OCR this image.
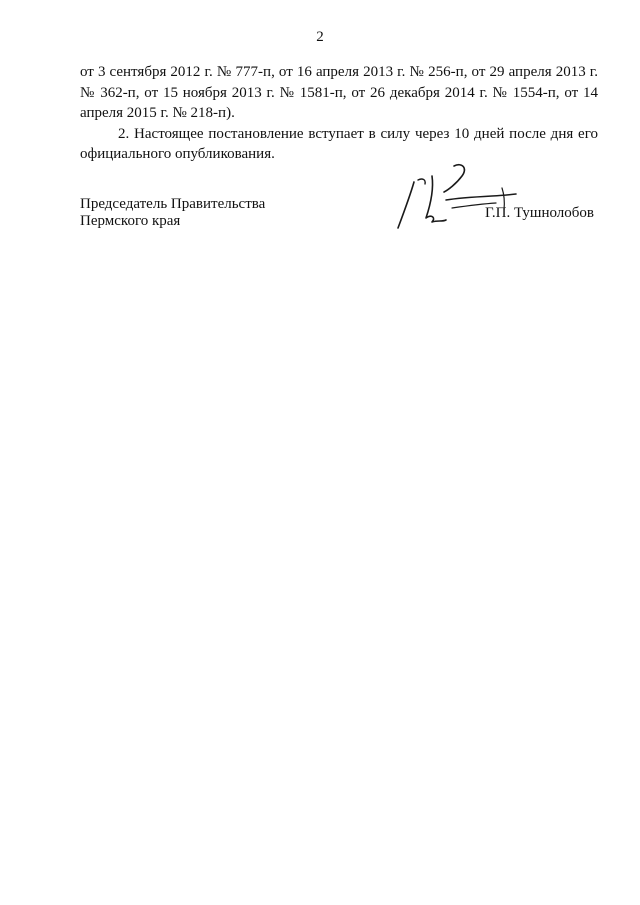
2

от 3 сентября 2012 г. № 777-п, от 16 апреля 2013 г. № 256-п, от 29 апреля 2013 г. № 362-п, от 15 ноября 2013 г. № 1581-п, от 26 декабря 2014 г. № 1554-п, от 14 апреля 2015 г. № 218-п).

2. Настоящее постановление вступает в силу через 10 дней после дня его официального опубликования.

Председатель Правительства
Пермского края	Г.П. Тушнолобов
